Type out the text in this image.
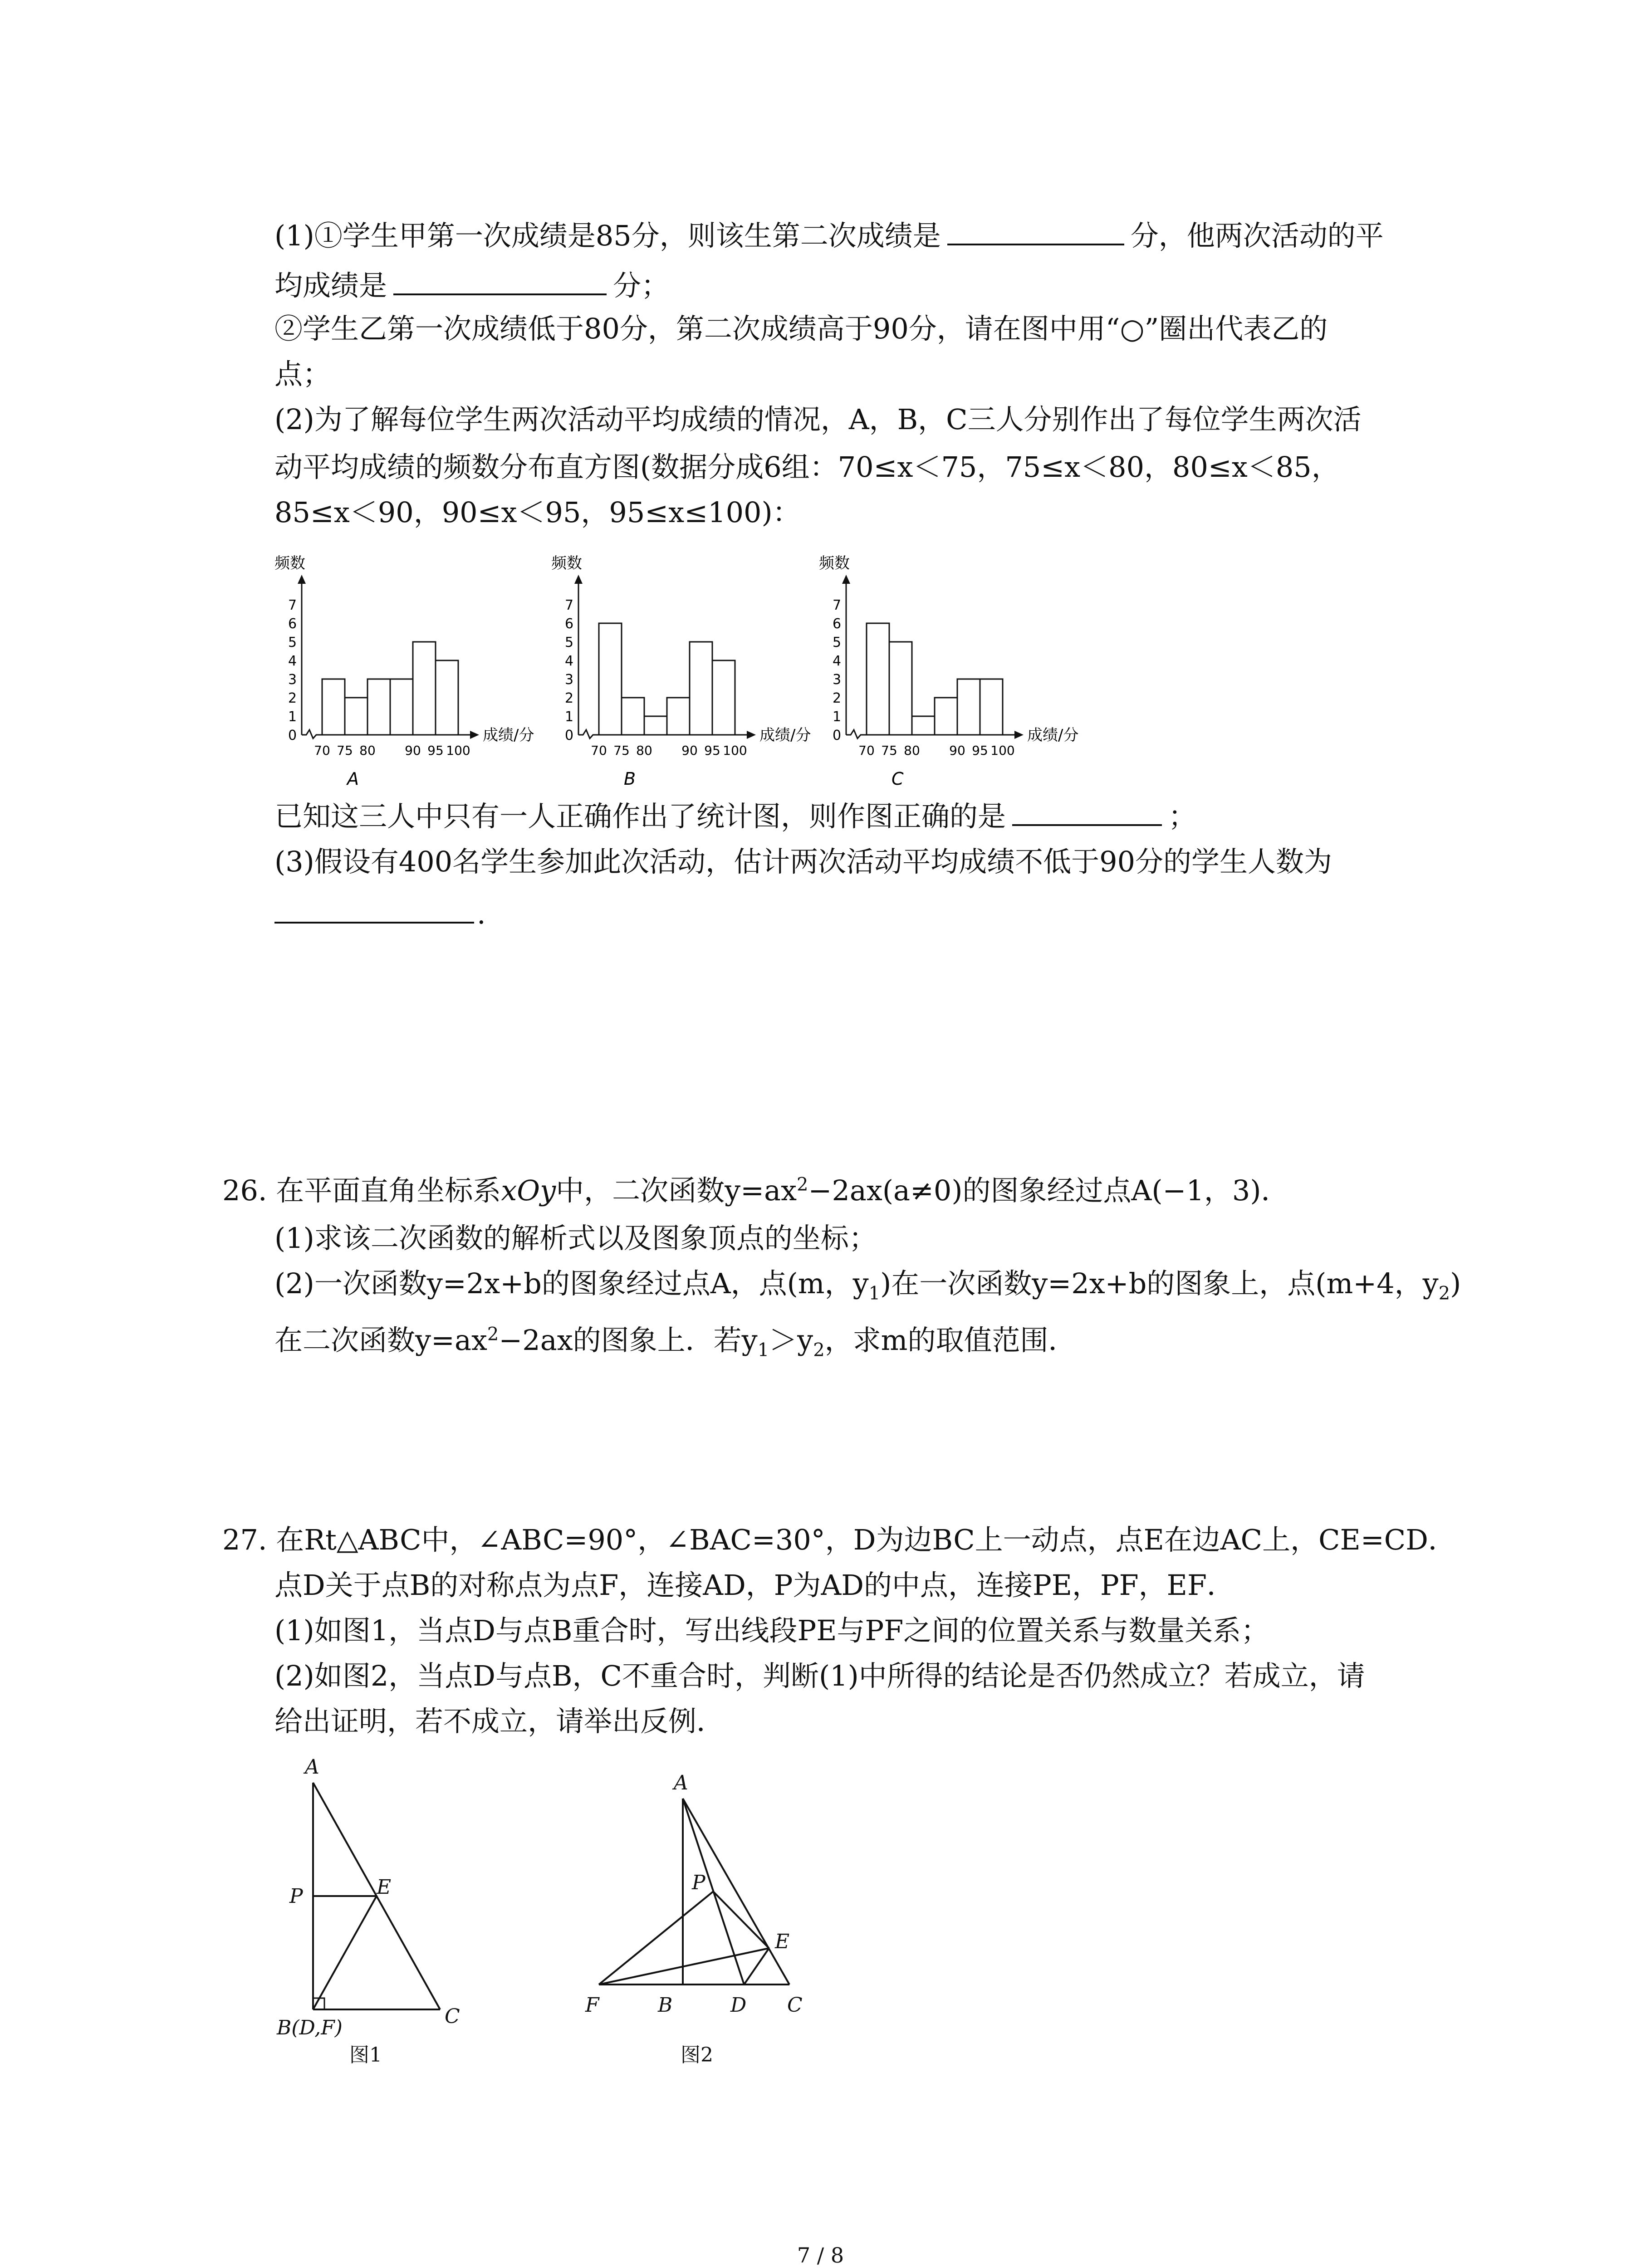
(1)①学生甲第一次成绩是85分，则该生第二次成绩是	分，他两次活动的平
均成绩是	分；
②学生乙第一次成绩低于80分，第二次成绩高于90分，请在图中用“○”圈出代表乙的
点；
(2)为了解每位学生两次活动平均成绩的情况，A，B，C三人分别作出了每位学生两次活
动平均成绩的频数分布直方图(数据分成6组：70≤x＜75，75≤x＜80，80≤x＜85，
85≤x＜90，90≤x＜95，95≤x≤100)：
频数
0
1
2
3
4
5
6
7
成绩/分
70 75 80 90 95 100
A
频数
0
1
2
3
4
5
6
7
成绩/分
70 75 80 90 95 100
B
频数
0
1
2
3
4
5
6
7
成绩/分
70 75 80 90 95 100
C
已知这三人中只有一人正确作出了统计图，则作图正确的是	；
(3)假设有400名学生参加此次活动，估计两次活动平均成绩不低于90分的学生人数为
.
26. 在平面直角坐标系xOy中，二次函数$y=ax^2-2ax(a\ne 0)$的图象经过点A(−1，3)．
(1)求该二次函数的解析式以及图象顶点的坐标；
(2)一次函数y=2x+b的图象经过点A，点(m，$y_1$)在一次函数y=2x+b的图象上，点(m+4，$y_2$)
在二次函数$y=ax^2-2ax$的图象上．若$y_1>y_2$，求m的取值范围．
27. 在Rt△ABC中，∠ABC=90°，∠BAC=30°，D为边BC上一动点，点E在边AC上，CE=CD．
点D关于点B的对称点为点F，连接AD，P为AD的中点，连接PE，PF，EF．
(1)如图1，当点D与点B重合时，写出线段PE与PF之间的位置关系与数量关系；
(2)如图2，当点D与点B，C不重合时，判断(1)中所得的结论是否仍然成立？若成立，请
给出证明，若不成立，请举出反例．
A
P	E
B(D,F)	C
图1
A
P
E
F	B	D C
图2
7 / 8
